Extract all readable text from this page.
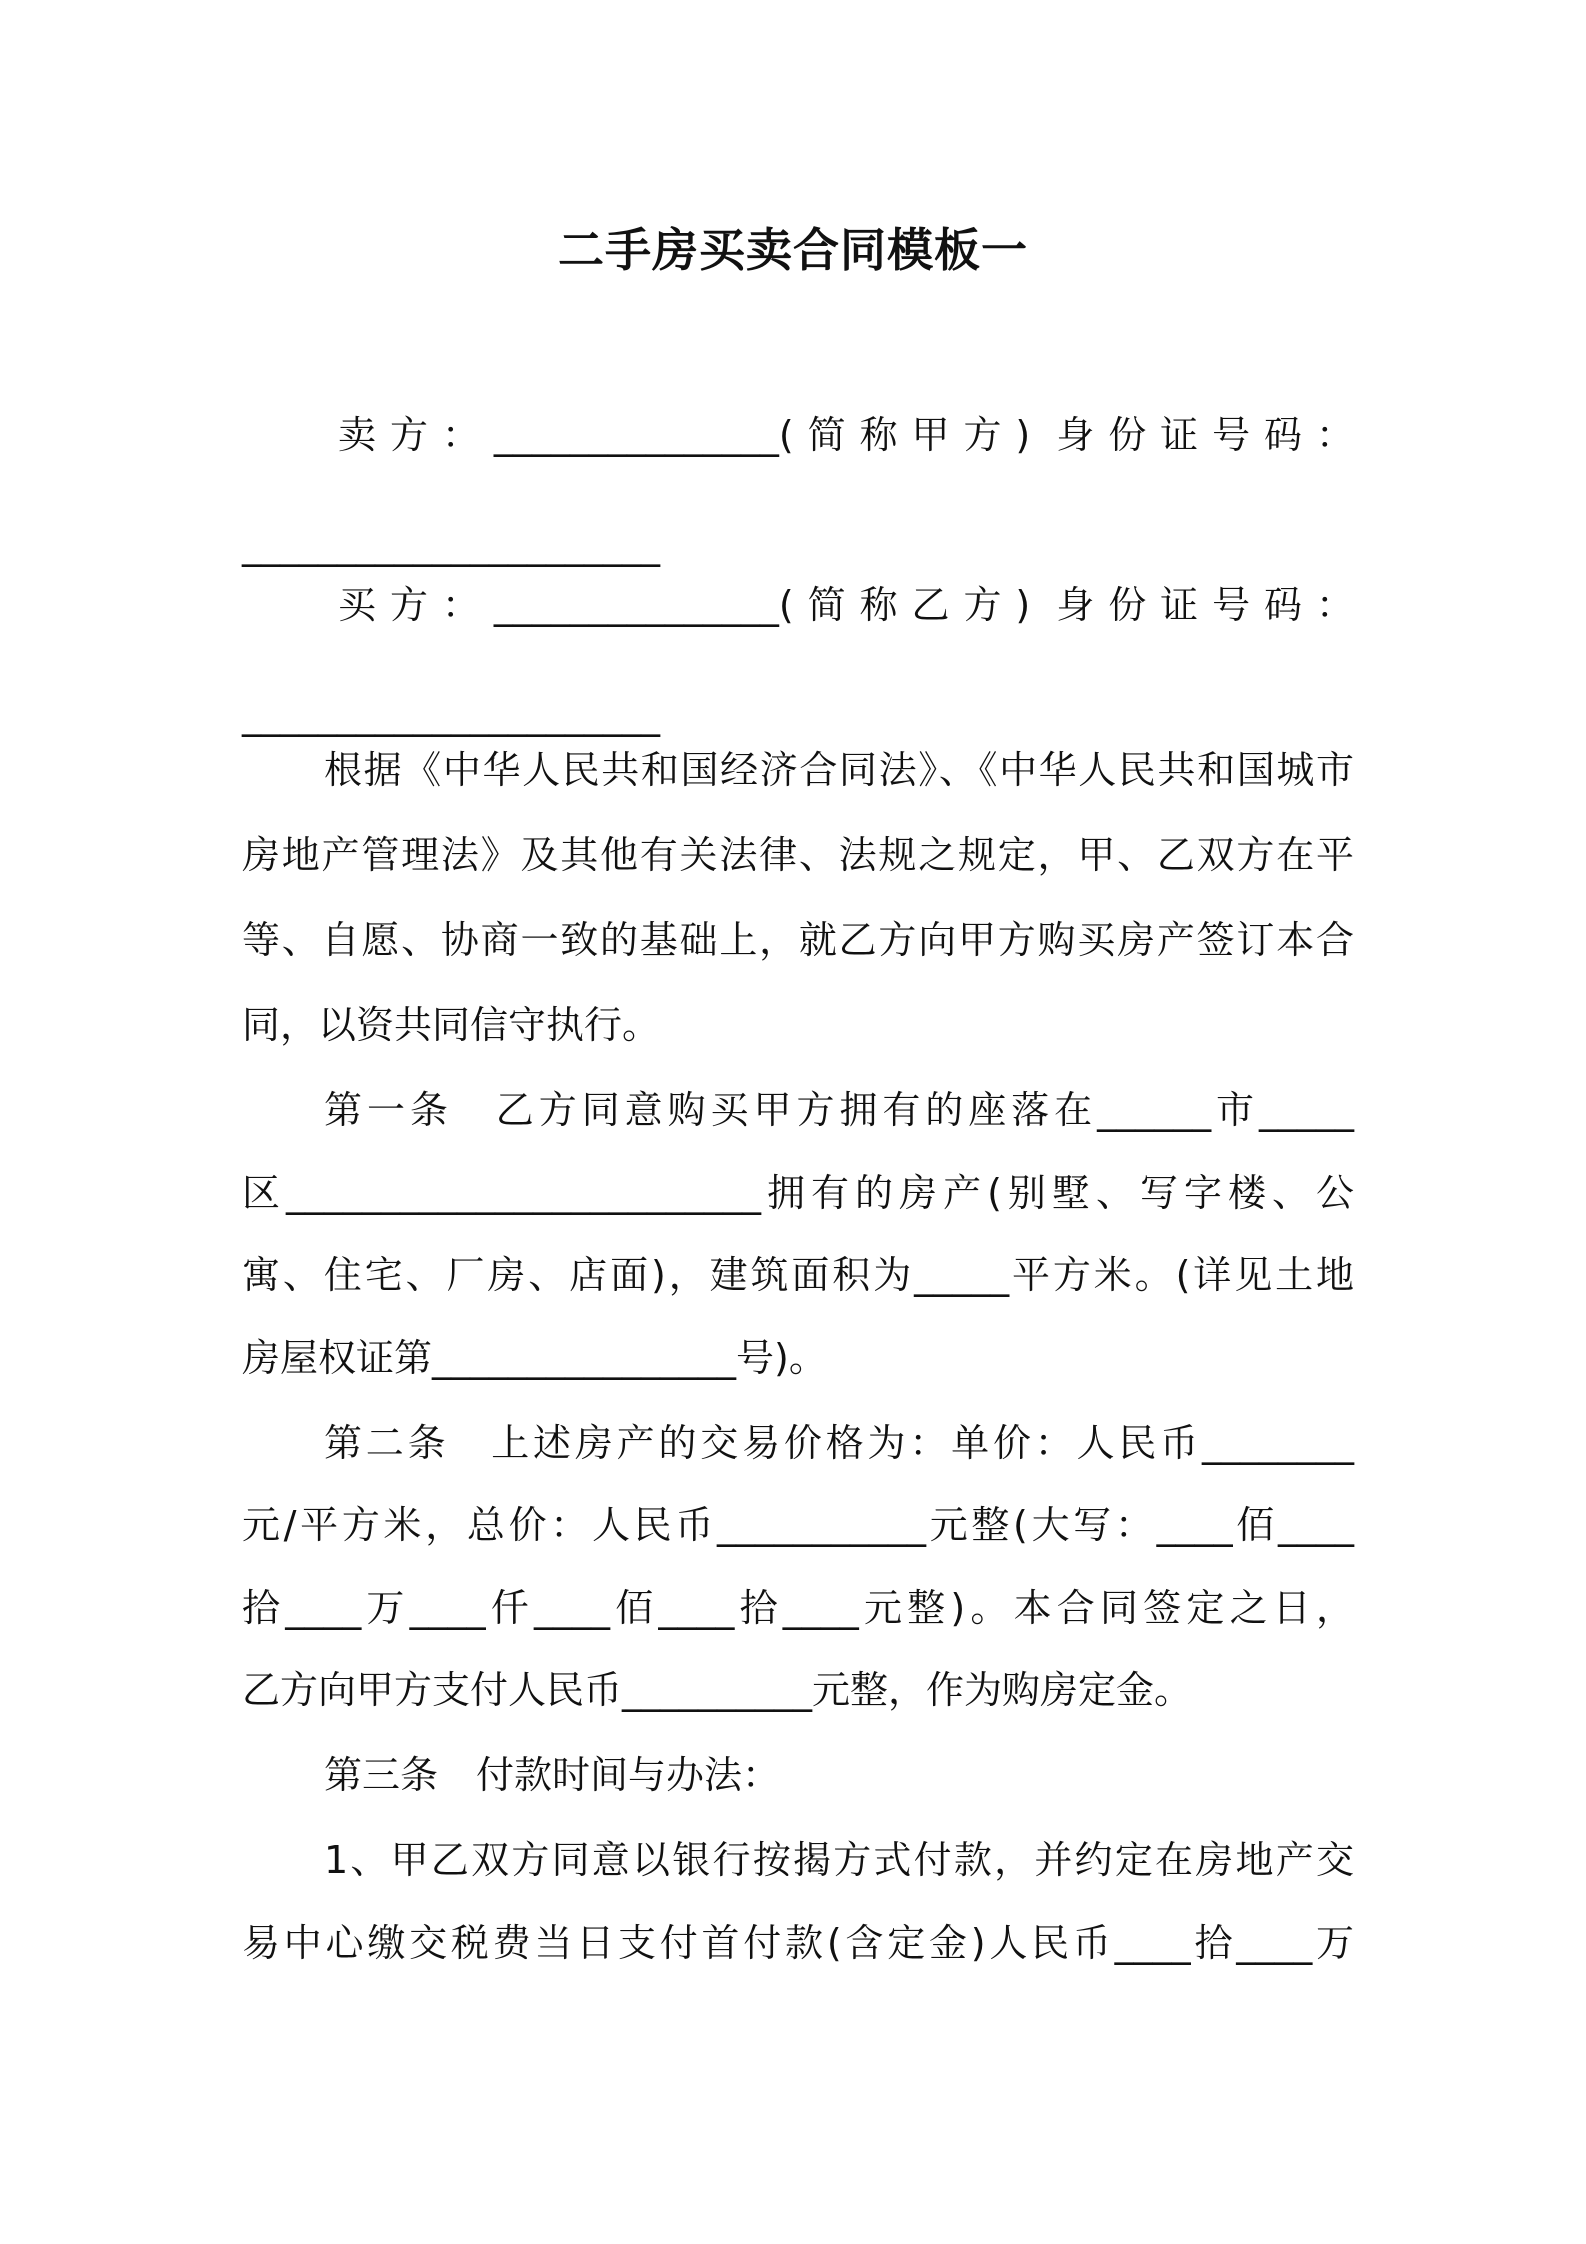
二手房买卖合同模板一
卖方：_______________(简称甲方) 身份证号码：
______________________
买方：_______________(简称乙方) 身份证号码：
______________________
根据《中华人民共和国经济合同法》、《中华人民共和国城市
房地产管理法》及其他有关法律、法规之规定，甲、乙双方在平
等、自愿、协商一致的基础上，就乙方向甲方购买房产签订本合
同，以资共同信守执行。
第一条　乙方同意购买甲方拥有的座落在______市_____
区_________________________拥有的房产(别墅、写字楼、公
寓、住宅、厂房、店面)，建筑面积为_____平方米。(详见土地
房屋权证第________________号)。
第二条　上述房产的交易价格为：单价：人民币________
元/平方米，总价：人民币___________元整(大写：____佰____
拾____万____仟____佰____拾____元整)。本合同签定之日，
乙方向甲方支付人民币__________元整，作为购房定金。
第三条　付款时间与办法：
1、甲乙双方同意以银行按揭方式付款，并约定在房地产交
易中心缴交税费当日支付首付款(含定金)人民币____拾____万
